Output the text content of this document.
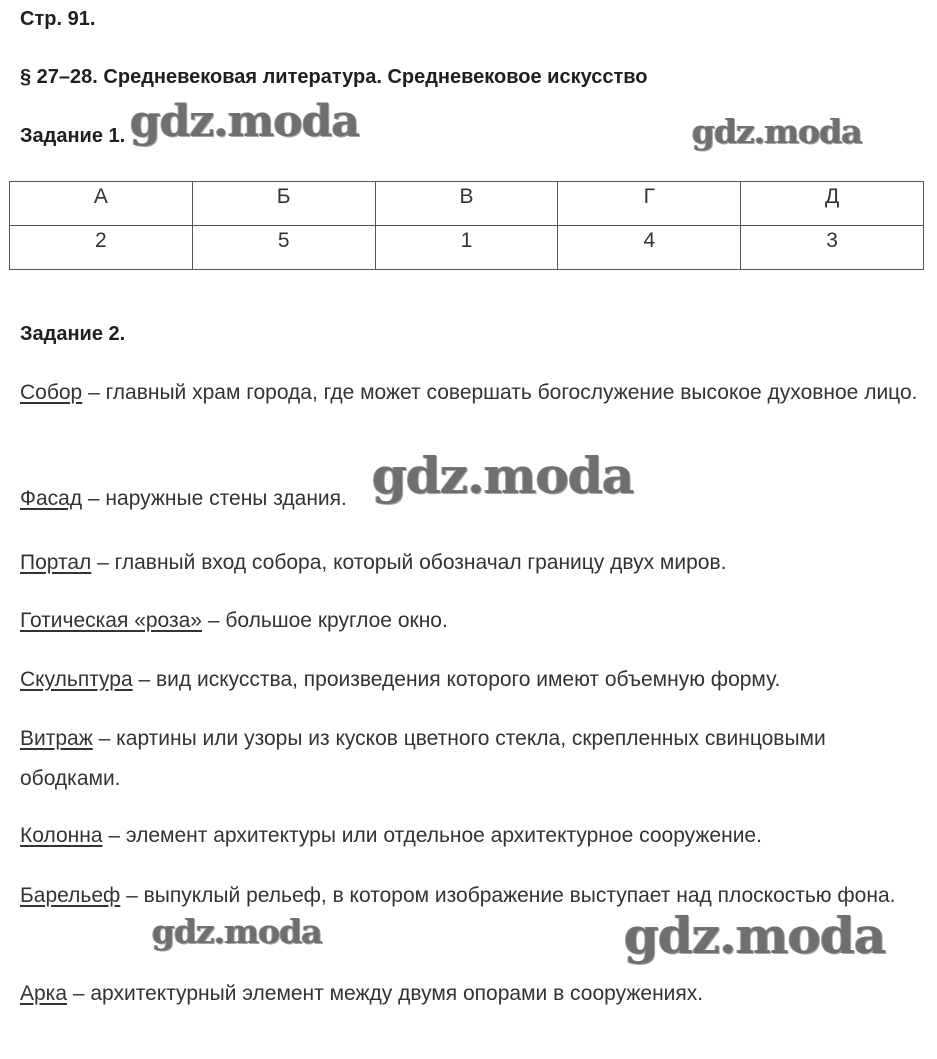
Стр. 91.
§ 27–28. Средневековая литература. Средневековое искусство
Задание 1.
А	Б	В	Г	Д
2	5	1	4	3
Задание 2.
Собор – главный храм города, где может совершать богослужение высокое духовное лицо.
Фасад – наружные стены здания.
Портал – главный вход собора, который обозначал границу двух миров.
Готическая «роза» – большое круглое окно.
Скульптура – вид искусства, произведения которого имеют объемную форму.
Витраж – картины или узоры из кусков цветного стекла, скрепленных свинцовыми ободками.
Колонна – элемент архитектуры или отдельное архитектурное сооружение.
Барельеф – выпуклый рельеф, в котором изображение выступает над плоскостью фона.
Арка – архитектурный элемент между двумя опорами в сооружениях.
gdz.moda	gdz.moda
gdz.moda
gdz.moda	gdz.moda
